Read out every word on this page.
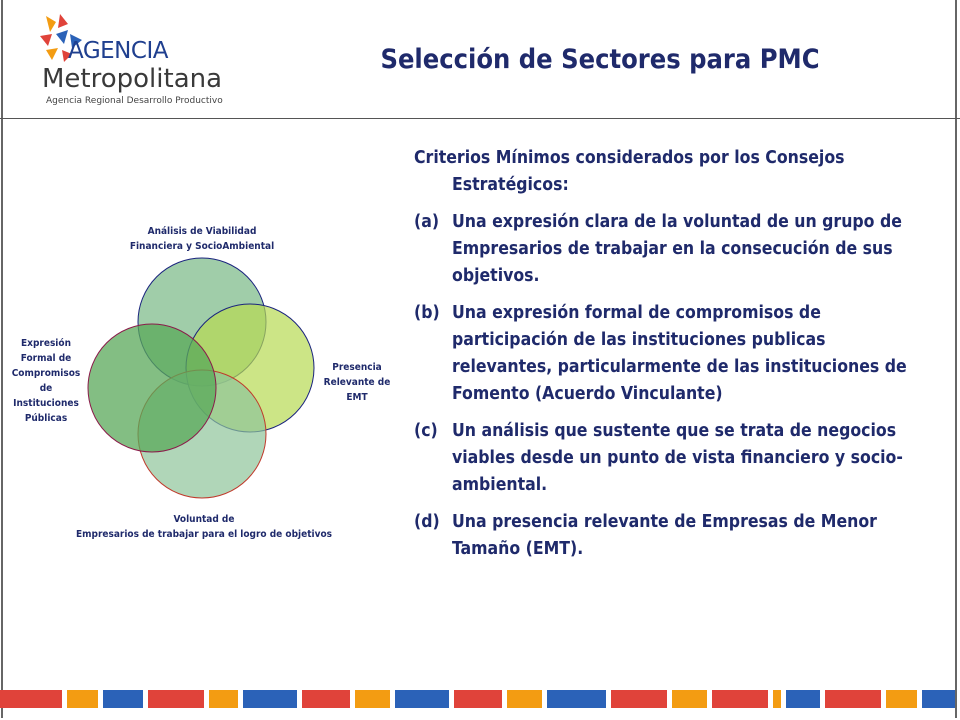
AGENCIA
Metropolitana
Agencia Regional Desarrollo Productivo
Selección de Sectores para PMC

Criterios Mínimos considerados por los Consejos Estratégicos:

(a) Una expresión clara de la voluntad de un grupo de Empresarios de trabajar en la consecución de sus objetivos.
(b) Una expresión formal de compromisos de participación de las instituciones publicas relevantes, particularmente de las instituciones de Fomento (Acuerdo Vinculante)
(c) Un análisis que sustente que se trata de negocios viables desde un punto de vista financiero y socio-ambiental.
(d) Una presencia relevante de Empresas de Menor Tamaño (EMT).
Análisis de Viabilidad
Financiera y SocioAmbiental
Presencia
Relevante de
EMT
Voluntad de
Empresarios de trabajar para el logro de objetivos
Expresión
Formal de
Compromisos
de
Instituciones
Públicas
